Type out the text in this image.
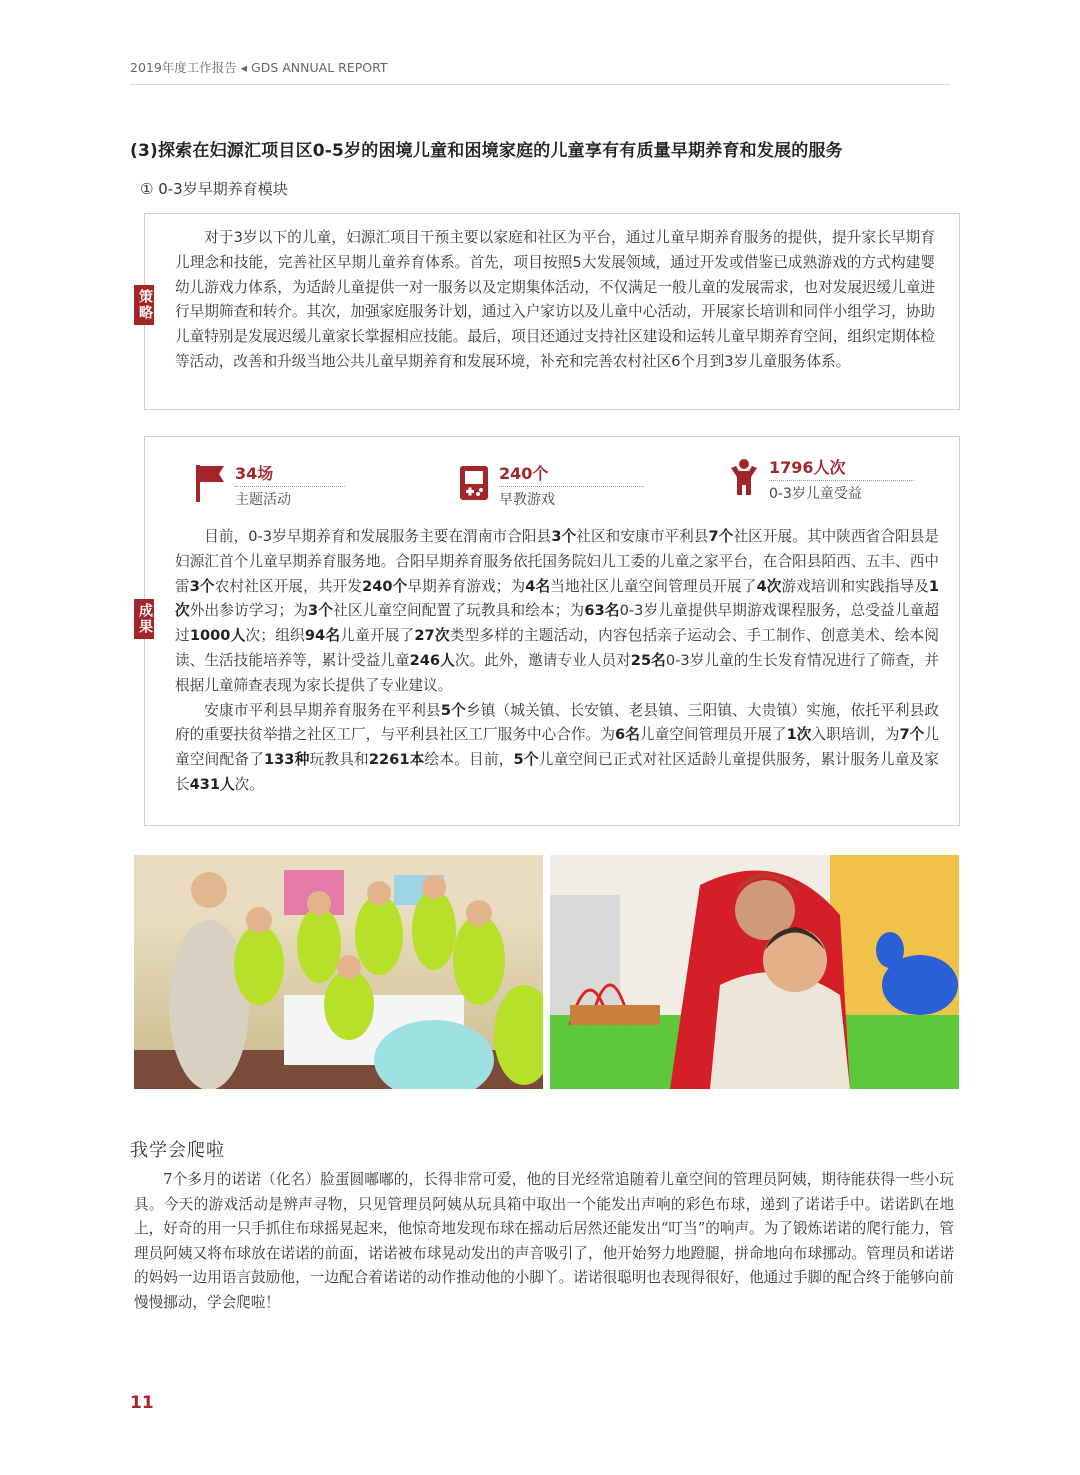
2019年度工作报告 ◂ GDS ANNUAL REPORT
(3)探索在妇源汇项目区0-5岁的困境儿童和困境家庭的儿童享有有质量早期养育和发展的服务
① 0-3岁早期养育模块

对于3岁以下的儿童，妇源汇项目干预主要以家庭和社区为平台，通过儿童早期养育服务的提供，提升家长早期育儿理念和技能，完善社区早期儿童养育体系。首先，项目按照5大发展领域，通过开发或借鉴已成熟游戏的方式构建婴幼儿游戏力体系，为适龄儿童提供一对一服务以及定期集体活动，不仅满足一般儿童的发展需求，也对发展迟缓儿童进行早期筛查和转介。其次，加强家庭服务计划，通过入户家访以及儿童中心活动，开展家长培训和同伴小组学习，协助儿童特别是发展迟缓儿童家长掌握相应技能。最后，项目还通过支持社区建设和运转儿童早期养育空间，组织定期体检等活动，改善和升级当地公共儿童早期养育和发展环境，补充和完善农村社区6个月到3岁儿童服务体系。

策略
34场
主题活动
240个
早教游戏
1796人次
0-3岁儿童受益

目前，0-3岁早期养育和发展服务主要在渭南市合阳县3个社区和安康市平利县7个社区开展。其中陕西省合阳县是妇源汇首个儿童早期养育服务地。合阳早期养育服务依托国务院妇儿工委的儿童之家平台，在合阳县陌西、五丰、西中雷3个农村社区开展，共开发240个早期养育游戏；为4名当地社区儿童空间管理员开展了4次游戏培训和实践指导及1次外出参访学习；为3个社区儿童空间配置了玩教具和绘本；为63名0-3岁儿童提供早期游戏课程服务，总受益儿童超过1000人次；组织94名儿童开展了27次类型多样的主题活动，内容包括亲子运动会、手工制作、创意美术、绘本阅读、生活技能培养等，累计受益儿童246人次。此外，邀请专业人员对25名0-3岁儿童的生长发育情况进行了筛查，并根据儿童筛查表现为家长提供了专业建议。

安康市平利县早期养育服务在平利县5个乡镇（城关镇、长安镇、老县镇、三阳镇、大贵镇）实施，依托平利县政府的重要扶贫举措之社区工厂，与平利县社区工厂服务中心合作。为6名儿童空间管理员开展了1次入职培训，为7个儿童空间配备了133种玩教具和2261本绘本。目前，5个儿童空间已正式对社区适龄儿童提供服务，累计服务儿童及家长431人次。

成果
我学会爬啦

7个多月的诺诺（化名）脸蛋圆嘟嘟的，长得非常可爱，他的目光经常追随着儿童空间的管理员阿姨，期待能获得一些小玩具。今天的游戏活动是辨声寻物，只见管理员阿姨从玩具箱中取出一个能发出声响的彩色布球，递到了诺诺手中。诺诺趴在地上，好奇的用一只手抓住布球摇晃起来，他惊奇地发现布球在摇动后居然还能发出“叮当”的响声。为了锻炼诺诺的爬行能力，管理员阿姨又将布球放在诺诺的前面，诺诺被布球晃动发出的声音吸引了，他开始努力地蹬腿，拼命地向布球挪动。管理员和诺诺的妈妈一边用语言鼓励他，一边配合着诺诺的动作推动他的小脚丫。诺诺很聪明也表现得很好，他通过手脚的配合终于能够向前慢慢挪动，学会爬啦！

11
